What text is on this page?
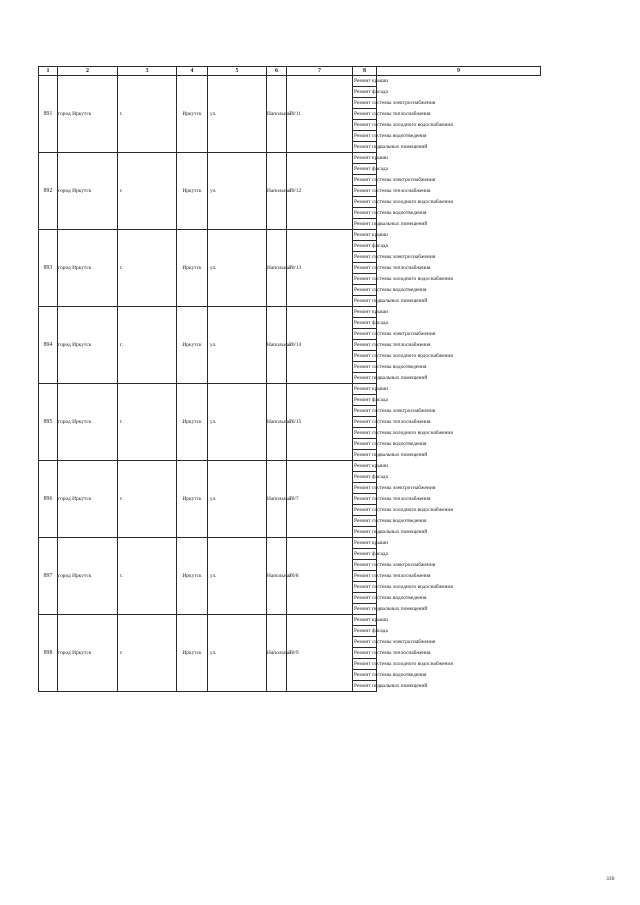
1	2	3	4	5	6	7	8	9
891	город Иркутск	г.	Иркутск	ул.	Напольная	70/11	Ремонт крыши	
							Ремонт фасада	
							Ремонт системы электроснабжения	
							Ремонт системы теплоснабжения	
							Ремонт системы холодного водоснабжения	
							Ремонт системы водоотведения	
							Ремонт подвальных помещений	
892	город Иркутск	г.	Иркутск	ул.	Напольная	70/12	Ремонт крыши	
							Ремонт фасада	
							Ремонт системы электроснабжения	
							Ремонт системы теплоснабжения	
							Ремонт системы холодного водоснабжения	
							Ремонт системы водоотведения	
							Ремонт подвальных помещений	
893	город Иркутск	г.	Иркутск	ул.	Напольная	70/13	Ремонт крыши	
							Ремонт фасада	
							Ремонт системы электроснабжения	
							Ремонт системы теплоснабжения	
							Ремонт системы холодного водоснабжения	
							Ремонт системы водоотведения	
							Ремонт подвальных помещений	
894	город Иркутск	г.	Иркутск	ул.	Напольная	70/14	Ремонт крыши	
							Ремонт фасада	
							Ремонт системы электроснабжения	
							Ремонт системы теплоснабжения	
							Ремонт системы холодного водоснабжения	
							Ремонт системы водоотведения	
							Ремонт подвальных помещений	
895	город Иркутск	г.	Иркутск	ул.	Напольная	70/15	Ремонт крыши	
							Ремонт фасада	
							Ремонт системы электроснабжения	
							Ремонт системы теплоснабжения	
							Ремонт системы холодного водоснабжения	
							Ремонт системы водоотведения	
							Ремонт подвальных помещений	
896	город Иркутск	г.	Иркутск	ул.	Напольная	70/7	Ремонт крыши	
							Ремонт фасада	
							Ремонт системы электроснабжения	
							Ремонт системы теплоснабжения	
							Ремонт системы холодного водоснабжения	
							Ремонт системы водоотведения	
							Ремонт подвальных помещений	
897	город Иркутск	г.	Иркутск	ул.	Напольная	70/8	Ремонт крыши	
							Ремонт фасада	
							Ремонт системы электроснабжения	
							Ремонт системы теплоснабжения	
							Ремонт системы холодного водоснабжения	
							Ремонт системы водоотведения	
							Ремонт подвальных помещений	
898	город Иркутск	г.	Иркутск	ул.	Напольная	70/9	Ремонт крыши	
							Ремонт фасада	
							Ремонт системы электроснабжения	
							Ремонт системы теплоснабжения	
							Ремонт системы холодного водоснабжения	
							Ремонт системы водоотведения	
							Ремонт подвальных помещений	
330
